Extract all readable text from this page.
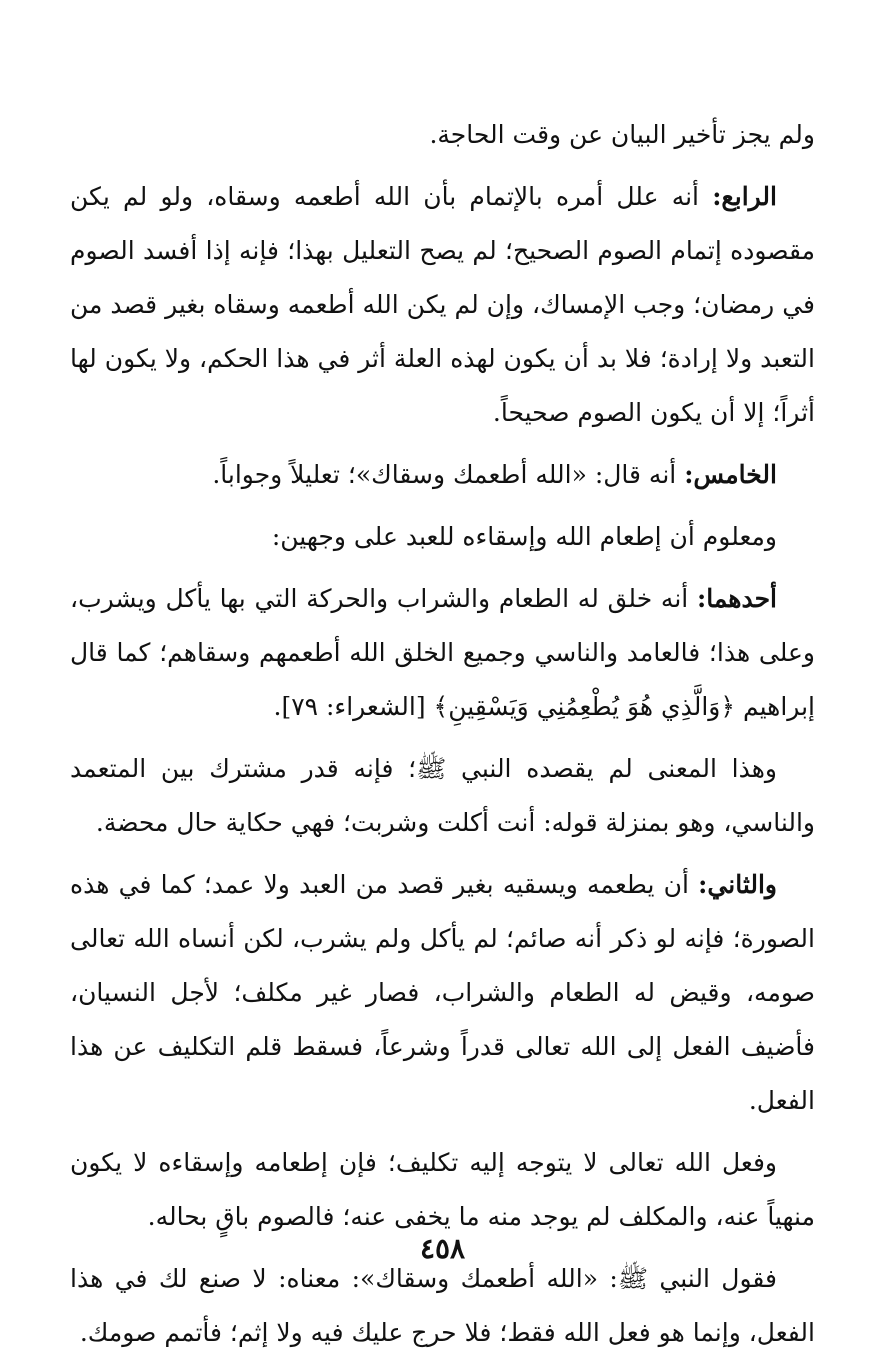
ولم يجز تأخير البيان عن وقت الحاجة.

الرابع: أنه علل أمره بالإتمام بأن الله أطعمه وسقاه، ولو لم يكن مقصوده إتمام الصوم الصحيح؛ لم يصح التعليل بهذا؛ فإنه إذا أفسد الصوم في رمضان؛ وجب الإمساك، وإن لم يكن الله أطعمه وسقاه بغير قصد من التعبد ولا إرادة؛ فلا بد أن يكون لهذه العلة أثر في هذا الحكم، ولا يكون لها أثراً؛ إلا أن يكون الصوم صحيحاً.

الخامس: أنه قال: «الله أطعمك وسقاك»؛ تعليلاً وجواباً.

ومعلوم أن إطعام الله وإسقاءه للعبد على وجهين:

أحدهما: أنه خلق له الطعام والشراب والحركة التي بها يأكل ويشرب، وعلى هذا؛ فالعامد والناسي وجميع الخلق الله أطعمهم وسقاهم؛ كما قال إبراهيم ﴿وَالَّذِي هُوَ يُطْعِمُنِي وَيَسْقِينِ﴾ [الشعراء: ٧٩].

وهذا المعنى لم يقصده النبي ﷺ؛ فإنه قدر مشترك بين المتعمد والناسي، وهو بمنزلة قوله: أنت أكلت وشربت؛ فهي حكاية حال محضة.

والثاني: أن يطعمه ويسقيه بغير قصد من العبد ولا عمد؛ كما في هذه الصورة؛ فإنه لو ذكر أنه صائم؛ لم يأكل ولم يشرب، لكن أنساه الله تعالى صومه، وقيض له الطعام والشراب، فصار غير مكلف؛ لأجل النسيان، فأضيف الفعل إلى الله تعالى قدراً وشرعاً، فسقط قلم التكليف عن هذا الفعل.

وفعل الله تعالى لا يتوجه إليه تكليف؛ فإن إطعامه وإسقاءه لا يكون منهياً عنه، والمكلف لم يوجد منه ما يخفى عنه؛ فالصوم باقٍ بحاله.

فقول النبي ﷺ: «الله أطعمك وسقاك»: معناه: لا صنع لك في هذا الفعل، وإنما هو فعل الله فقط؛ فلا حرج عليك فيه ولا إثم؛ فأتمم صومك.

٤٥٨
